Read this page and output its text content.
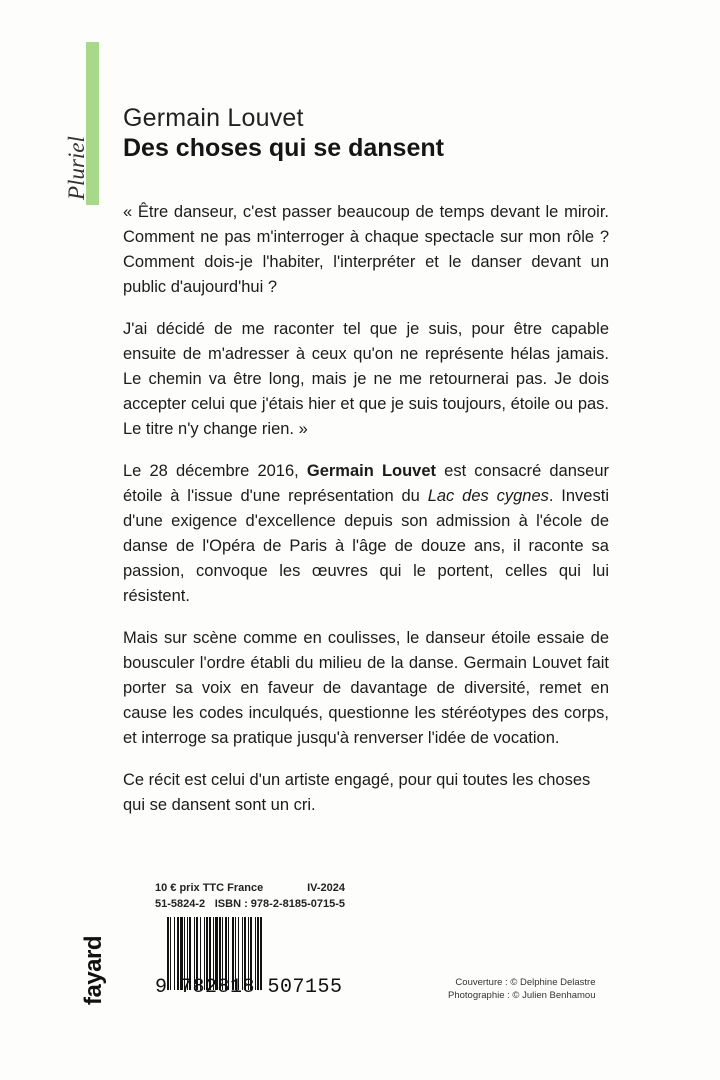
Pluriel
Germain Louvet
Des choses qui se dansent

« Être danseur, c'est passer beaucoup de temps devant le miroir. Comment ne pas m'interroger à chaque spectacle sur mon rôle ? Comment dois-je l'habiter, l'interpréter et le danser devant un public d'aujourd'hui ?

J'ai décidé de me raconter tel que je suis, pour être capable ensuite de m'adresser à ceux qu'on ne représente hélas jamais. Le chemin va être long, mais je ne me retournerai pas. Je dois accepter celui que j'étais hier et que je suis toujours, étoile ou pas. Le titre n'y change rien. »

Le 28 décembre 2016, Germain Louvet est consacré danseur étoile à l'issue d'une représentation du Lac des cygnes. Investi d'une exigence d'excellence depuis son admission à l'école de danse de l'Opéra de Paris à l'âge de douze ans, il raconte sa passion, convoque les œuvres qui le portent, celles qui lui résistent.

Mais sur scène comme en coulisses, le danseur étoile essaie de bousculer l'ordre établi du milieu de la danse. Germain Louvet fait porter sa voix en faveur de davantage de diversité, remet en cause les codes inculqués, questionne les stéréotypes des corps, et interroge sa pratique jusqu'à renverser l'idée de vocation.

Ce récit est celui d'un artiste engagé, pour qui toutes les choses qui se dansent sont un cri.

10 € prix TTC France	IV-2024
51-5824-2 ISBN : 978-2-8185-0715-5
9 782818 507155
fayard	Couverture : © Delphine Delastre
Photographie : © Julien Benhamou
